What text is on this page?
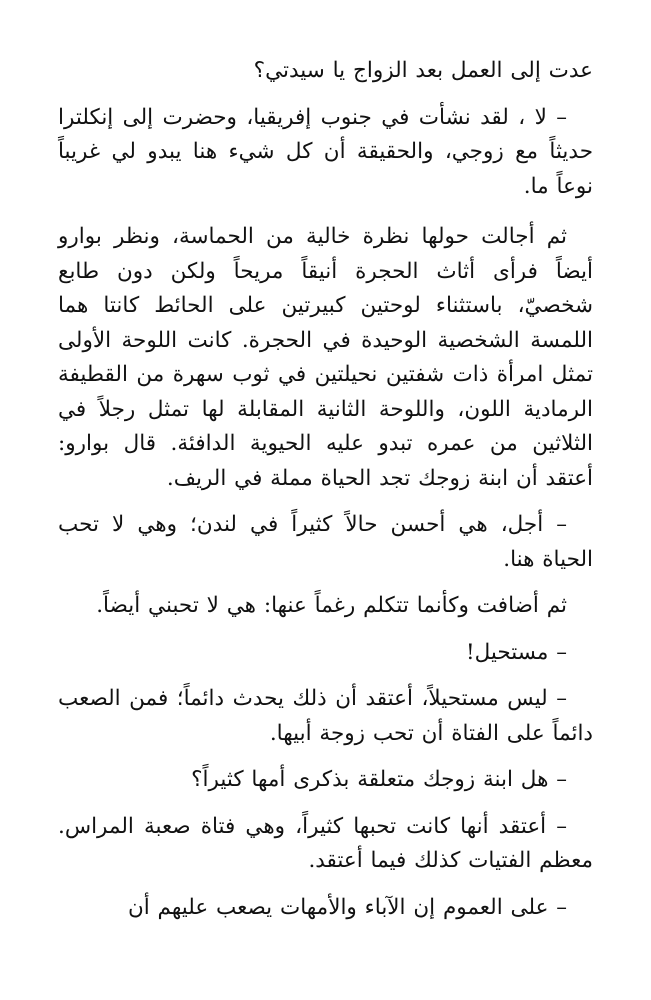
عدت إلى العمل بعد الزواج يا سيدتي؟

– لا ، لقد نشأت في جنوب إفريقيا، وحضرت إلى إنكلترا حديثاً مع زوجي، والحقيقة أن كل شيء هنا يبدو لي غريباً نوعاً ما.

ثم أجالت حولها نظرة خالية من الحماسة، ونظر بوارو أيضاً فرأى أثاث الحجرة أنيقاً مريحاً ولكن دون طابع شخصيّ، باستثناء لوحتين كبيرتين على الحائط كانتا هما اللمسة الشخصية الوحيدة في الحجرة. كانت اللوحة الأولى تمثل امرأة ذات شفتين نحيلتين في ثوب سهرة من القطيفة الرمادية اللون، واللوحة الثانية المقابلة لها تمثل رجلاً في الثلاثين من عمره تبدو عليه الحيوية الدافئة. قال بوارو: أعتقد أن ابنة زوجك تجد الحياة مملة في الريف.

– أجل، هي أحسن حالاً كثيراً في لندن؛ وهي لا تحب الحياة هنا.

ثم أضافت وكأنما تتكلم رغماً عنها: هي لا تحبني أيضاً.

– مستحيل!

– ليس مستحيلاً، أعتقد أن ذلك يحدث دائماً؛ فمن الصعب دائماً على الفتاة أن تحب زوجة أبيها.

– هل ابنة زوجك متعلقة بذكرى أمها كثيراً؟

– أعتقد أنها كانت تحبها كثيراً، وهي فتاة صعبة المراس. معظم الفتيات كذلك فيما أعتقد.

– على العموم إن الآباء والأمهات يصعب عليهم أن
